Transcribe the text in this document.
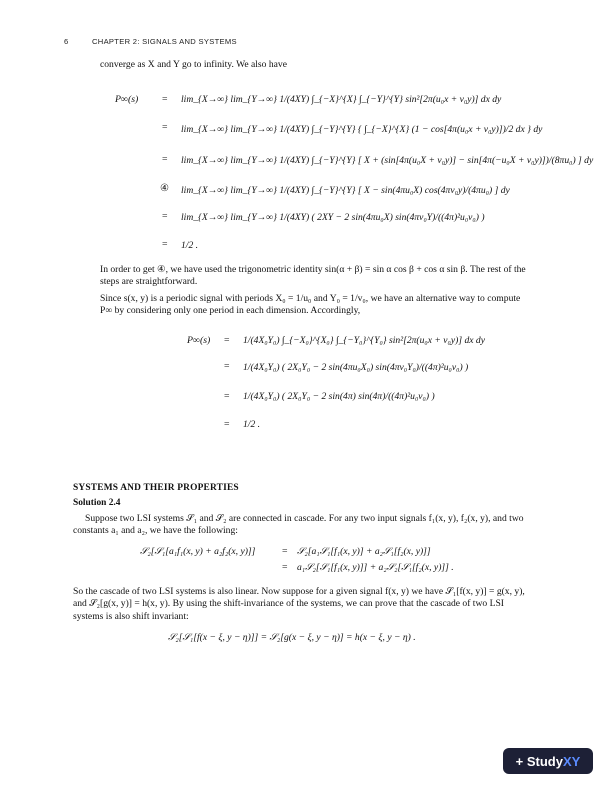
6	CHAPTER 2: SIGNALS AND SYSTEMS
converge as X and Y go to infinity. We also have
P∞(s) =
=
=
④
=
=
lim_{X→∞} lim_{Y→∞} 1/(4XY) ∫_{−X}^{X} ∫_{−Y}^{Y} sin²[2π(u₀x + v₀y)] dx dy
lim_{X→∞} lim_{Y→∞} 1/(4XY) ∫_{−Y}^{Y} { ∫_{−X}^{X} (1 − cos[4π(u₀x + v₀y)])/2 dx } dy
lim_{X→∞} lim_{Y→∞} 1/(4XY) ∫_{−Y}^{Y} [ X + (sin[4π(u₀X + v₀y)] − sin[4π(−u₀X + v₀y)])/(8πu₀) ] dy
lim_{X→∞} lim_{Y→∞} 1/(4XY) ∫_{−Y}^{Y} [ X − sin(4πu₀X) cos(4πv₀y)/(4πu₀) ] dy
lim_{X→∞} lim_{Y→∞} 1/(4XY) ( 2XY − 2 sin(4πu₀X) sin(4πv₀Y)/((4π)²u₀v₀) )
1/2 .
In order to get ④, we have used the trigonometric identity sin(α + β) = sin α cos β + cos α sin β. The rest of the steps are straightforward.
Since s(x, y) is a periodic signal with periods X₀ = 1/u₀ and Y₀ = 1/v₀, we have an alternative way to compute P∞ by considering only one period in each dimension. Accordingly,
P∞(s) =
=
=
=
1/(4X₀Y₀) ∫_{−X₀}^{X₀} ∫_{−Y₀}^{Y₀} sin²[2π(u₀x + v₀y)] dx dy
1/(4X₀Y₀) ( 2X₀Y₀ − 2 sin(4πu₀X₀) sin(4πv₀Y₀)/((4π)²u₀v₀) )
1/(4X₀Y₀) ( 2X₀Y₀ − 2 sin(4π) sin(4π)/((4π)²u₀v₀) )
1/2 .
SYSTEMS AND THEIR PROPERTIES
Solution 2.4
Suppose two LSI systems 𝒮₁ and 𝒮₂ are connected in cascade. For any two input signals f₁(x, y), f₂(x, y), and two constants a₁ and a₂, we have the following:
𝒮₂[𝒮₁[a₁f₁(x, y) + a₂f₂(x, y)]]	=
=
𝒮₂[a₁𝒮₁[f₁(x, y)] + a₂𝒮₁[f₂(x, y)]]
a₁𝒮₂[𝒮₁[f₁(x, y)]] + a₂𝒮₂[𝒮₁[f₂(x, y)]] .
So the cascade of two LSI systems is also linear. Now suppose for a given signal f(x, y) we have 𝒮₁[f(x, y)] = g(x, y), and 𝒮₂[g(x, y)] = h(x, y). By using the shift-invariance of the systems, we can prove that the cascade of two LSI systems is also shift invariant:
𝒮₂[𝒮₁[f(x − ξ, y − η)]] = 𝒮₂[g(x − ξ, y − η)] = h(x − ξ, y − η) .
+ Study XY
